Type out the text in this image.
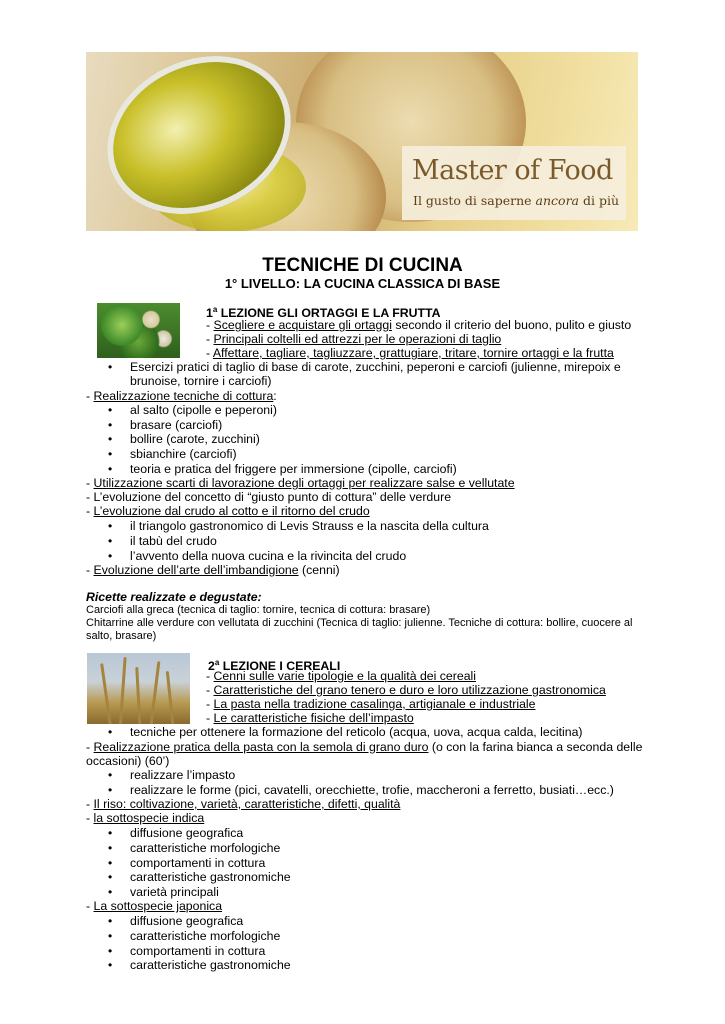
Master of Food
Il gusto di saperne ancora di più
TECNICHE DI CUCINA
1° LIVELLO: LA CUCINA CLASSICA DI BASE
1$^a$ LEZIONE GLI ORTAGGI E LA FRUTTA
- Scegliere e acquistare gli ortaggi secondo il criterio del buono, pulito e giusto
- Principali coltelli ed attrezzi per le operazioni di taglio
- Affettare, tagliare, tagliuzzare, grattugiare, tritare, tornire ortaggi e la frutta
• Esercizi pratici di taglio di base di carote, zucchini, peperoni e carciofi (julienne, mirepoix e
brunoise, tornire i carciofi)
- Realizzazione tecniche di cottura:
• al salto (cipolle e peperoni)
• brasare (carciofi)
• bollire (carote, zucchini)
• sbianchire (carciofi)
• teoria e pratica del friggere per immersione (cipolle, carciofi)
- Utilizzazione scarti di lavorazione degli ortaggi per realizzare salse e vellutate
- L’evoluzione del concetto di “giusto punto di cottura” delle verdure
- L’evoluzione dal crudo al cotto e il ritorno del crudo
• il triangolo gastronomico di Levis Strauss e la nascita della cultura
• il tabù del crudo
• l’avvento della nuova cucina e la rivincita del crudo
- Evoluzione dell’arte dell’imbandigione (cenni)
Ricette realizzate e degustate:
Carciofi alla greca (tecnica di taglio: tornire, tecnica di cottura: brasare)
Chitarrine alle verdure con vellutata di zucchini (Tecnica di taglio: julienne. Tecniche di cottura: bollire, cuocere al
salto, brasare)
2$^a$ LEZIONE I CEREALI
- Cenni sulle varie tipologie e la qualità dei cereali
- Caratteristiche del grano tenero e duro e loro utilizzazione gastronomica
- La pasta nella tradizione casalinga, artigianale e industriale
- Le caratteristiche fisiche dell’impasto
• tecniche per ottenere la formazione del reticolo (acqua, uova, acqua calda, lecitina)
- Realizzazione pratica della pasta con la semola di grano duro (o con la farina bianca a seconda delle
occasioni) (60’)
• realizzare l’impasto
• realizzare le forme (pici, cavatelli, orecchiette, trofie, maccheroni a ferretto, busiati…ecc.)
- Il riso: coltivazione, varietà, caratteristiche, difetti, qualità
- la sottospecie indica
• diffusione geografica
• caratteristiche morfologiche
• comportamenti in cottura
• caratteristiche gastronomiche
• varietà principali
- La sottospecie japonica
• diffusione geografica
• caratteristiche morfologiche
• comportamenti in cottura
• caratteristiche gastronomiche
